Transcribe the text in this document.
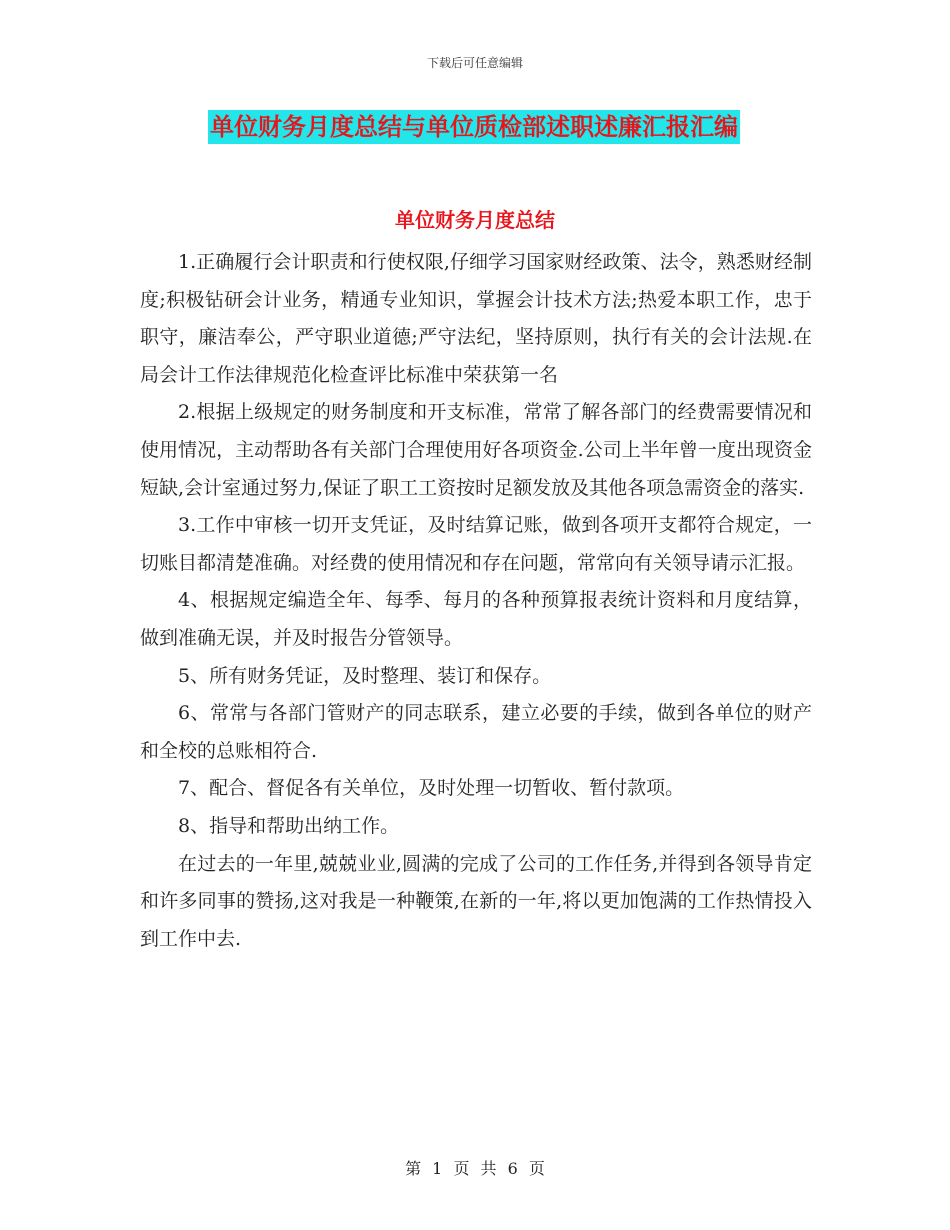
下载后可任意编辑
单位财务月度总结与单位质检部述职述廉汇报汇编
单位财务月度总结

1.正确履行会计职责和行使权限,仔细学习国家财经政策、法令，熟悉财经制度;积极钻研会计业务，精通专业知识，掌握会计技术方法;热爱本职工作，忠于职守，廉洁奉公，严守职业道德;严守法纪，坚持原则，执行有关的会计法规.在局会计工作法律规范化检查评比标准中荣获第一名

2.根据上级规定的财务制度和开支标准，常常了解各部门的经费需要情况和使用情况，主动帮助各有关部门合理使用好各项资金.公司上半年曾一度出现资金短缺,会计室通过努力,保证了职工工资按时足额发放及其他各项急需资金的落实.

3.工作中审核一切开支凭证，及时结算记账，做到各项开支都符合规定，一切账目都清楚准确。对经费的使用情况和存在问题，常常向有关领导请示汇报。

4、根据规定编造全年、每季、每月的各种预算报表统计资料和月度结算，做到准确无误，并及时报告分管领导。

5、所有财务凭证，及时整理、装订和保存。

6、常常与各部门管财产的同志联系，建立必要的手续，做到各单位的财产和全校的总账相符合.

7、配合、督促各有关单位，及时处理一切暂收、暂付款项。

8、指导和帮助出纳工作。

在过去的一年里,兢兢业业,圆满的完成了公司的工作任务,并得到各领导肯定和许多同事的赞扬,这对我是一种鞭策,在新的一年,将以更加饱满的工作热情投入到工作中去.

第 1 页 共 6 页
